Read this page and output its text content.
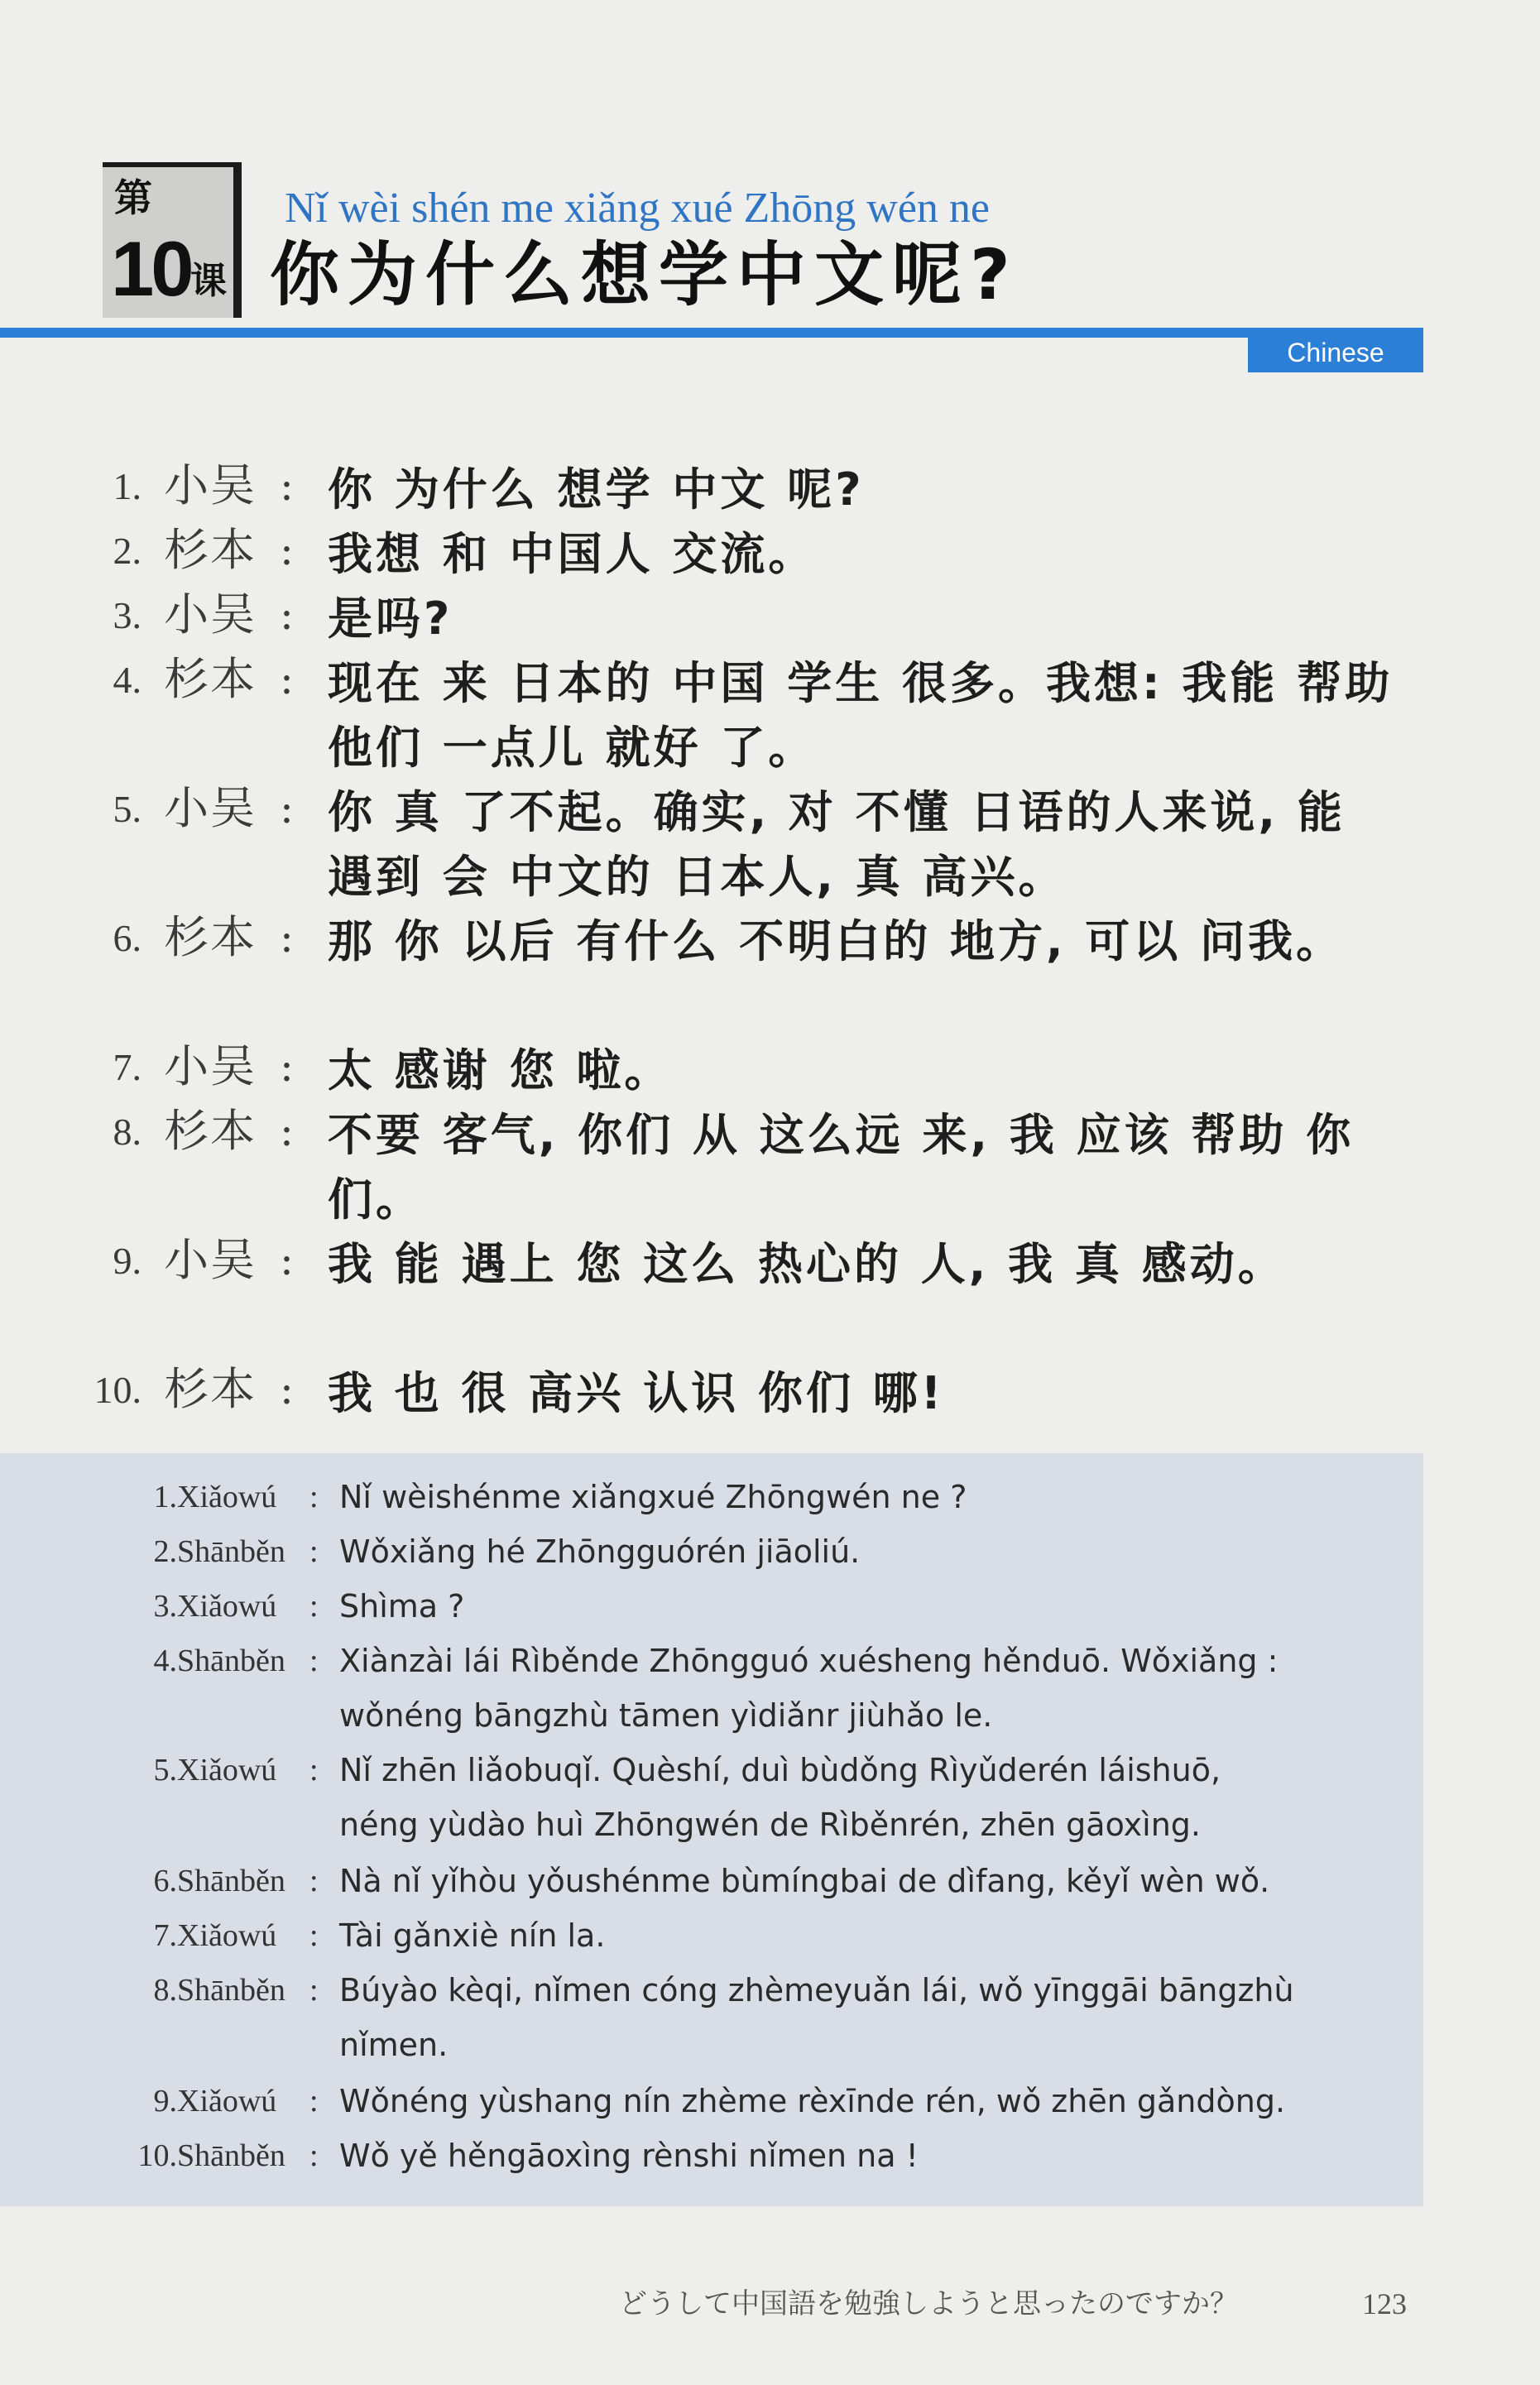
第
10 课
Nǐ wèi shén me xiǎng xué Zhōng wén ne
你为什么想学中文呢?
Chinese
1. 小吴 : 你 为什么 想学 中文 呢?
2. 杉本 : 我想 和 中国人 交流。
3. 小吴 : 是吗?
4. 杉本 : 现在 来 日本的 中国 学生 很多。我想: 我能 帮助
他们 一点儿 就好 了。
5. 小吴 : 你 真 了不起。确实, 对 不懂 日语的人来说, 能
遇到 会 中文的 日本人, 真 高兴。
6. 杉本 : 那 你 以后 有什么 不明白的 地方, 可以 问我。
7. 小吴 : 太 感谢 您 啦。
8. 杉本 : 不要 客气, 你们 从 这么远 来, 我 应该 帮助 你
们。
9. 小吴 : 我 能 遇上 您 这么 热心的 人, 我 真 感动。
10. 杉本 : 我 也 很 高兴 认识 你们 哪!
1. Xiǎowú : Nǐ wèishénme xiǎngxué Zhōngwén ne ?
2. Shānběn : Wǒxiǎng hé Zhōngguórén jiāoliú.
3. Xiǎowú : Shìma ?
4. Shānběn : Xiànzài lái Rìběnde Zhōngguó xuésheng hěnduō. Wǒxiǎng :
wǒnéng bāngzhù tāmen yìdiǎnr jiùhǎo le.
5. Xiǎowú : Nǐ zhēn liǎobuqǐ. Quèshí, duì bùdǒng Rìyǔderén láishuō,
néng yùdào huì Zhōngwén de Rìběnrén, zhēn gāoxìng.
6. Shānběn : Nà nǐ yǐhòu yǒushénme bùmíngbai de dìfang, kěyǐ wèn wǒ.
7. Xiǎowú : Tài gǎnxiè nín la.
8. Shānběn : Búyào kèqi, nǐmen cóng zhèmeyuǎn lái, wǒ yīnggāi bāngzhù
nǐmen.
9. Xiǎowú : Wǒnéng yùshang nín zhème rèxīnde rén, wǒ zhēn gǎndòng.
10. Shānběn : Wǒ yě hěngāoxìng rènshi nǐmen na !
どうして中国語を勉強しようと思ったのですか？	123
